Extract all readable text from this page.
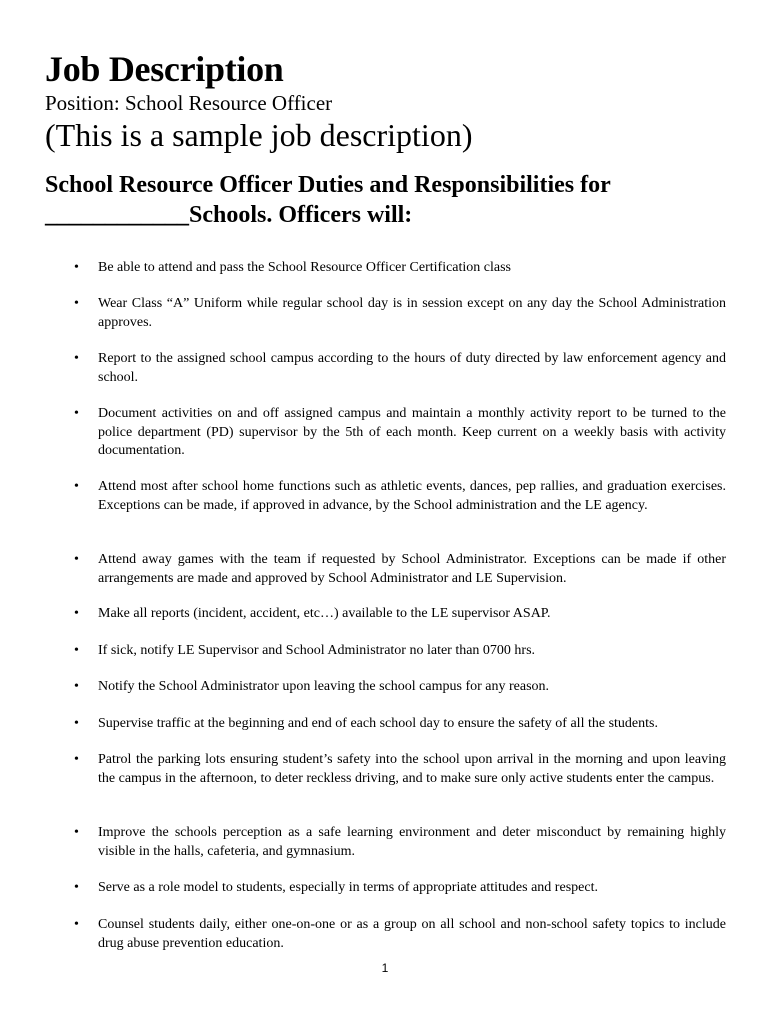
Job Description

Position: School Resource Officer

(This is a sample job description)

School Resource Officer Duties and Responsibilities for ____________Schools. Officers will:
•	Be able to attend and pass the School Resource Officer Certification class
•	Wear Class “A” Uniform while regular school day is in session except on any day the School Administration approves.
•	Report to the assigned school campus according to the hours of duty directed by law enforcement agency and school.
•	Document activities on and off assigned campus and maintain a monthly activity report to be turned to the police department (PD) supervisor by the 5th of each month. Keep current on a weekly basis with activity documentation.
•	Attend most after school home functions such as athletic events, dances, pep rallies, and graduation exercises. Exceptions can be made, if approved in advance, by the School administration and the LE agency.
•	Attend away games with the team if requested by School Administrator. Exceptions can be made if other arrangements are made and approved by School Administrator and LE Supervision.
•	Make all reports (incident, accident, etc…) available to the LE supervisor ASAP.
•	If sick, notify LE Supervisor and School Administrator no later than 0700 hrs.
•	Notify the School Administrator upon leaving the school campus for any reason.
•	Supervise traffic at the beginning and end of each school day to ensure the safety of all the students.
•	Patrol the parking lots ensuring student’s safety into the school upon arrival in the morning and upon leaving the campus in the afternoon, to deter reckless driving, and to make sure only active students enter the campus.
•	Improve the schools perception as a safe learning environment and deter misconduct by remaining highly visible in the halls, cafeteria, and gymnasium.
•	Serve as a role model to students, especially in terms of appropriate attitudes and respect.
•	Counsel students daily, either one-on-one or as a group on all school and non-school safety topics to include drug abuse prevention education.
1
